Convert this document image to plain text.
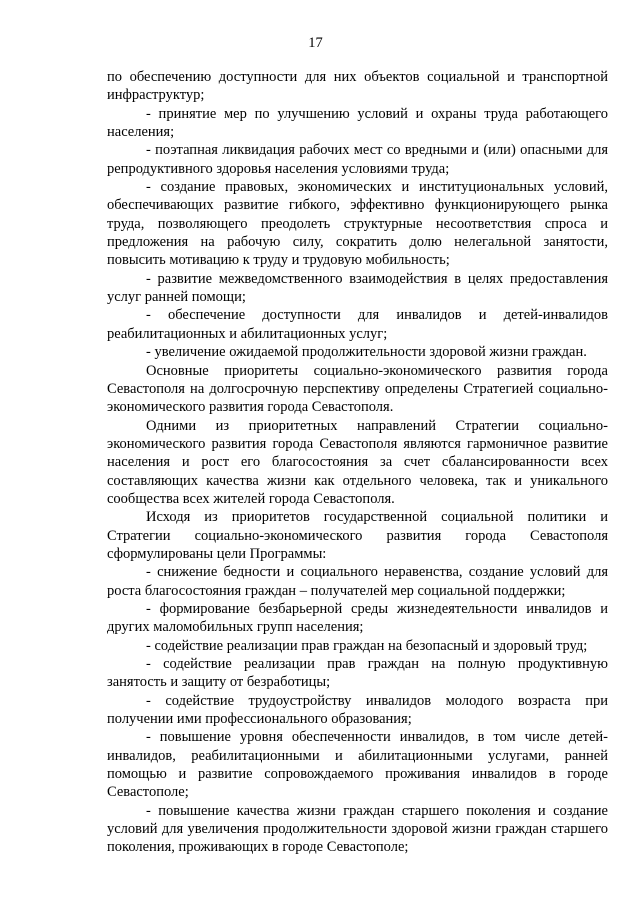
17

по обеспечению доступности для них объектов социальной и транспортной инфраструктур;

- принятие мер по улучшению условий и охраны труда работающего населения;

- поэтапная ликвидация рабочих мест со вредными и (или) опасными для репродуктивного здоровья населения условиями труда;

- создание правовых, экономических и институциональных условий, обеспечивающих развитие гибкого, эффективно функционирующего рынка труда, позволяющего преодолеть структурные несоответствия спроса и предложения на рабочую силу, сократить долю нелегальной занятости, повысить мотивацию к труду и трудовую мобильность;

- развитие межведомственного взаимодействия в целях предоставления услуг ранней помощи;

- обеспечение доступности для инвалидов и детей-инвалидов реабилитационных и абилитационных услуг;

- увеличение ожидаемой продолжительности здоровой жизни граждан.

Основные приоритеты социально-экономического развития города Севастополя на долгосрочную перспективу определены Стратегией социально-экономического развития города Севастополя.

Одними из приоритетных направлений Стратегии социально-экономического развития города Севастополя являются гармоничное развитие населения и рост его благосостояния за счет сбалансированности всех составляющих качества жизни как отдельного человека, так и уникального сообщества всех жителей города Севастополя.

Исходя из приоритетов государственной социальной политики и Стратегии социально-экономического развития города Севастополя сформулированы цели Программы:

- снижение бедности и социального неравенства, создание условий для роста благосостояния граждан – получателей мер социальной поддержки;

- формирование безбарьерной среды жизнедеятельности инвалидов и других маломобильных групп населения;

- содействие реализации прав граждан на безопасный и здоровый труд;

- содействие реализации прав граждан на полную продуктивную занятость и защиту от безработицы;

- содействие трудоустройству инвалидов молодого возраста при получении ими профессионального образования;

- повышение уровня обеспеченности инвалидов, в том числе детей-инвалидов, реабилитационными и абилитационными услугами, ранней помощью и развитие сопровождаемого проживания инвалидов в городе Севастополе;

- повышение качества жизни граждан старшего поколения и создание условий для увеличения продолжительности здоровой жизни граждан старшего поколения, проживающих в городе Севастополе;
